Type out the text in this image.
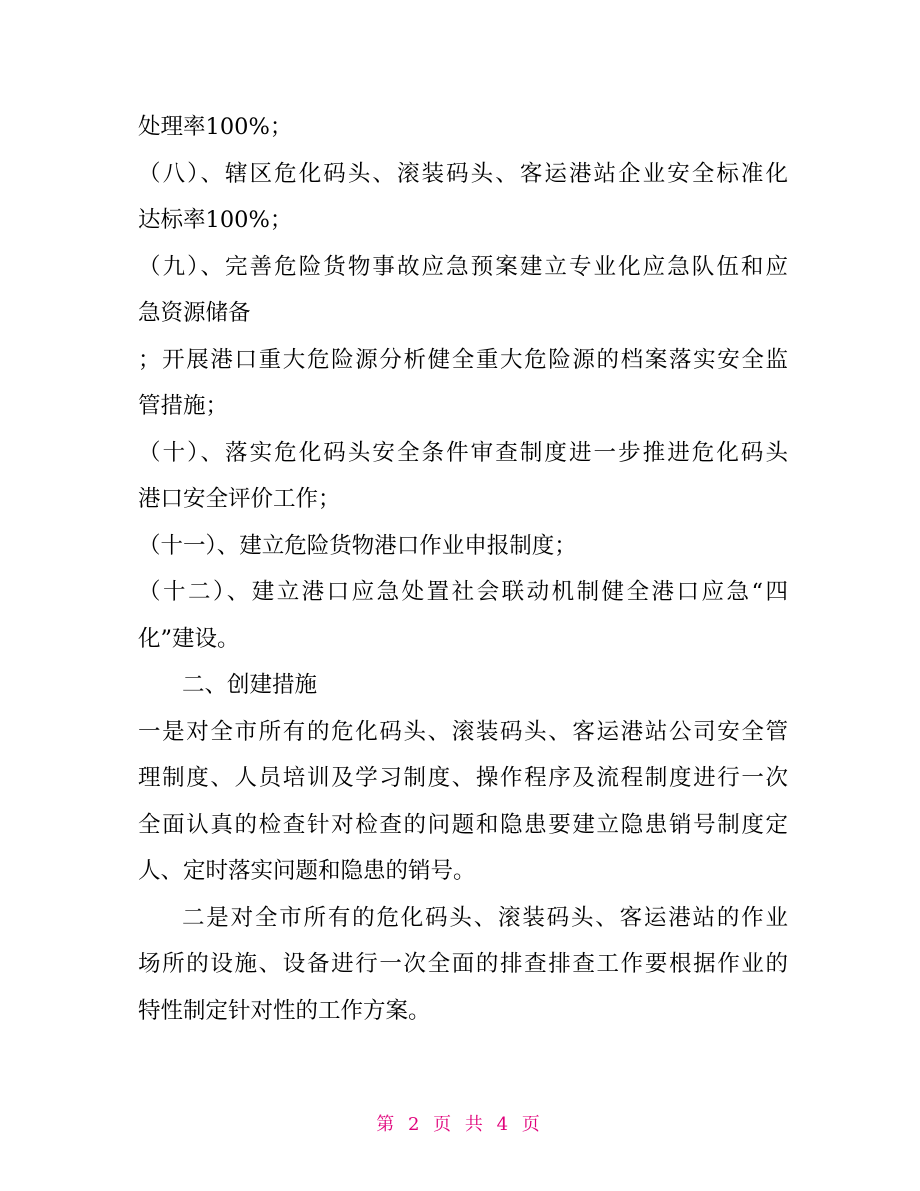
处理率100%；
（八）、辖区危化码头、滚装码头、客运港站企业安全标准化
达标率100%；
（九）、完善危险货物事故应急预案建立专业化应急队伍和应
急资源储备
；开展港口重大危险源分析健全重大危险源的档案落实安全监
管措施；
（十）、落实危化码头安全条件审查制度进一步推进危化码头
港口安全评价工作；
（十一）、建立危险货物港口作业申报制度；
（十二）、建立港口应急处置社会联动机制健全港口应急“四
化”建设。
二、创建措施
一是对全市所有的危化码头、滚装码头、客运港站公司安全管
理制度、人员培训及学习制度、操作程序及流程制度进行一次
全面认真的检查针对检查的问题和隐患要建立隐患销号制度定
人、定时落实问题和隐患的销号。
二是对全市所有的危化码头、滚装码头、客运港站的作业
场所的设施、设备进行一次全面的排查排查工作要根据作业的
特性制定针对性的工作方案。
第 2 页 共 4 页
